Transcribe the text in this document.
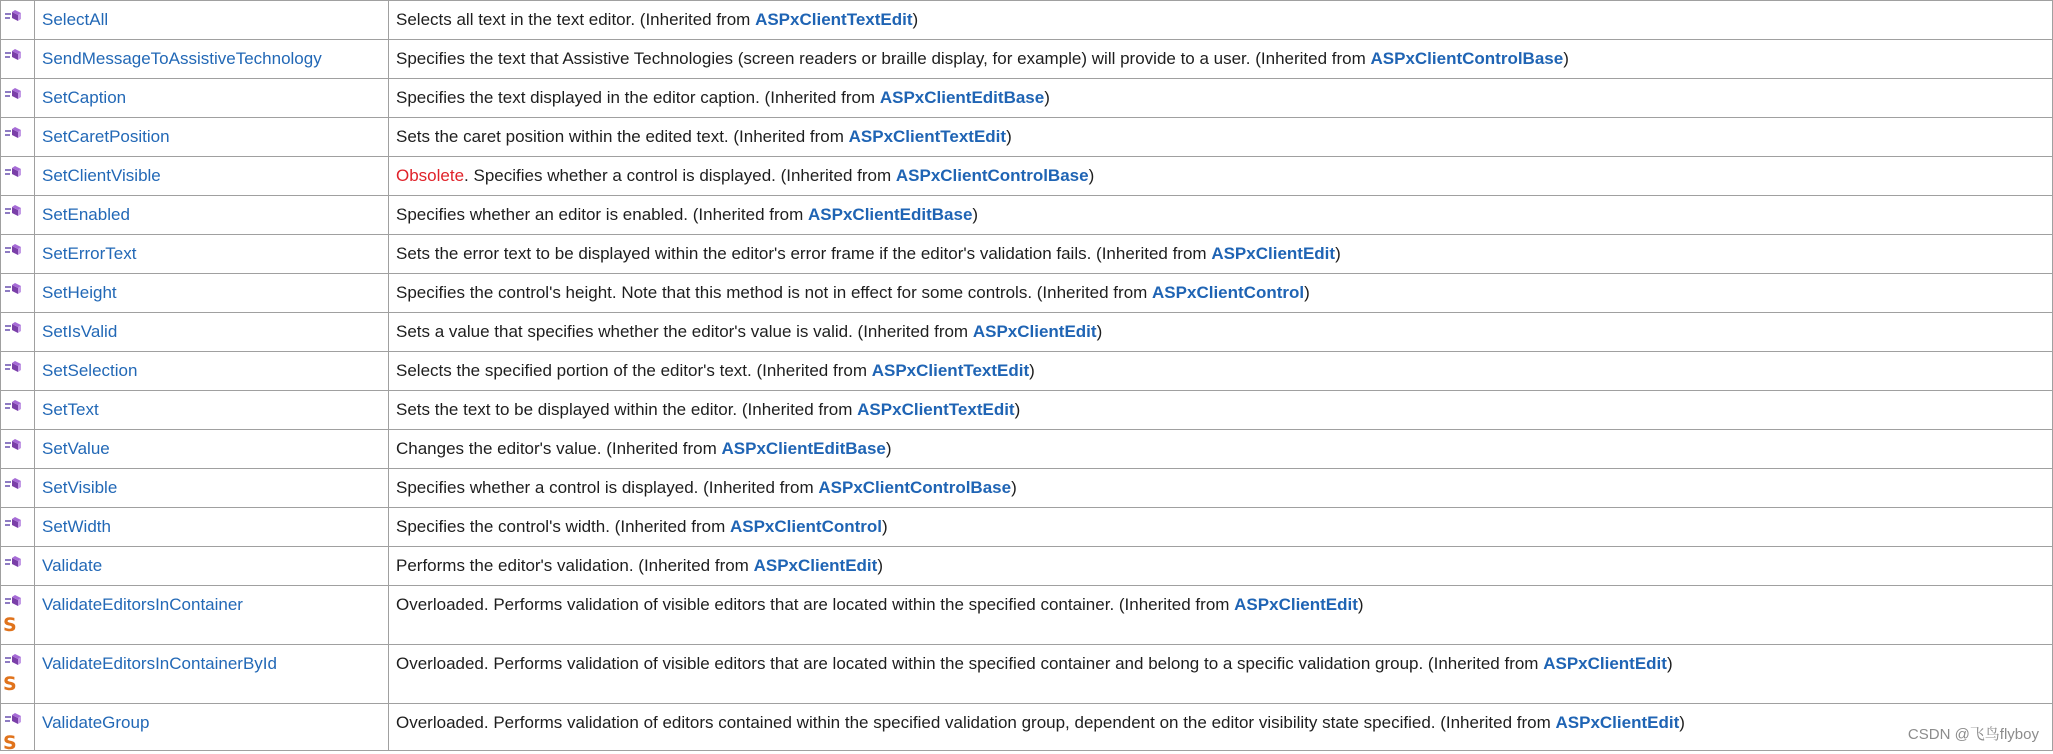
	SelectAll	Selects all text in the text editor. (Inherited from ASPxClientTextEdit)

	SendMessageToAssistiveTechnology	Specifies the text that Assistive Technologies (screen readers or braille display, for example) will provide to a user. (Inherited from ASPxClientControlBase)

	SetCaption	Specifies the text displayed in the editor caption. (Inherited from ASPxClientEditBase)

	SetCaretPosition	Sets the caret position within the edited text. (Inherited from ASPxClientTextEdit)

	SetClientVisible	Obsolete. Specifies whether a control is displayed. (Inherited from ASPxClientControlBase)

	SetEnabled	Specifies whether an editor is enabled. (Inherited from ASPxClientEditBase)

	SetErrorText	Sets the error text to be displayed within the editor's error frame if the editor's validation fails. (Inherited from ASPxClientEdit)

	SetHeight	Specifies the control's height. Note that this method is not in effect for some controls. (Inherited from ASPxClientControl)

	SetIsValid	Sets a value that specifies whether the editor's value is valid. (Inherited from ASPxClientEdit)

	SetSelection	Selects the specified portion of the editor's text. (Inherited from ASPxClientTextEdit)

	SetText	Sets the text to be displayed within the editor. (Inherited from ASPxClientTextEdit)

	SetValue	Changes the editor's value. (Inherited from ASPxClientEditBase)

	SetVisible	Specifies whether a control is displayed. (Inherited from ASPxClientControlBase)

	SetWidth	Specifies the control's width. (Inherited from ASPxClientControl)

	Validate	Performs the editor's validation. (Inherited from ASPxClientEdit)

S	ValidateEditorsInContainer	Overloaded. Performs validation of visible editors that are located within the specified container. (Inherited from ASPxClientEdit)

S	ValidateEditorsInContainerById	Overloaded. Performs validation of visible editors that are located within the specified container and belong to a specific validation group. (Inherited from ASPxClientEdit)

S	ValidateGroup	Overloaded. Performs validation of editors contained within the specified validation group, dependent on the editor visibility state specified. (Inherited from ASPxClientEdit)
CSDN @飞鸟flyboy
